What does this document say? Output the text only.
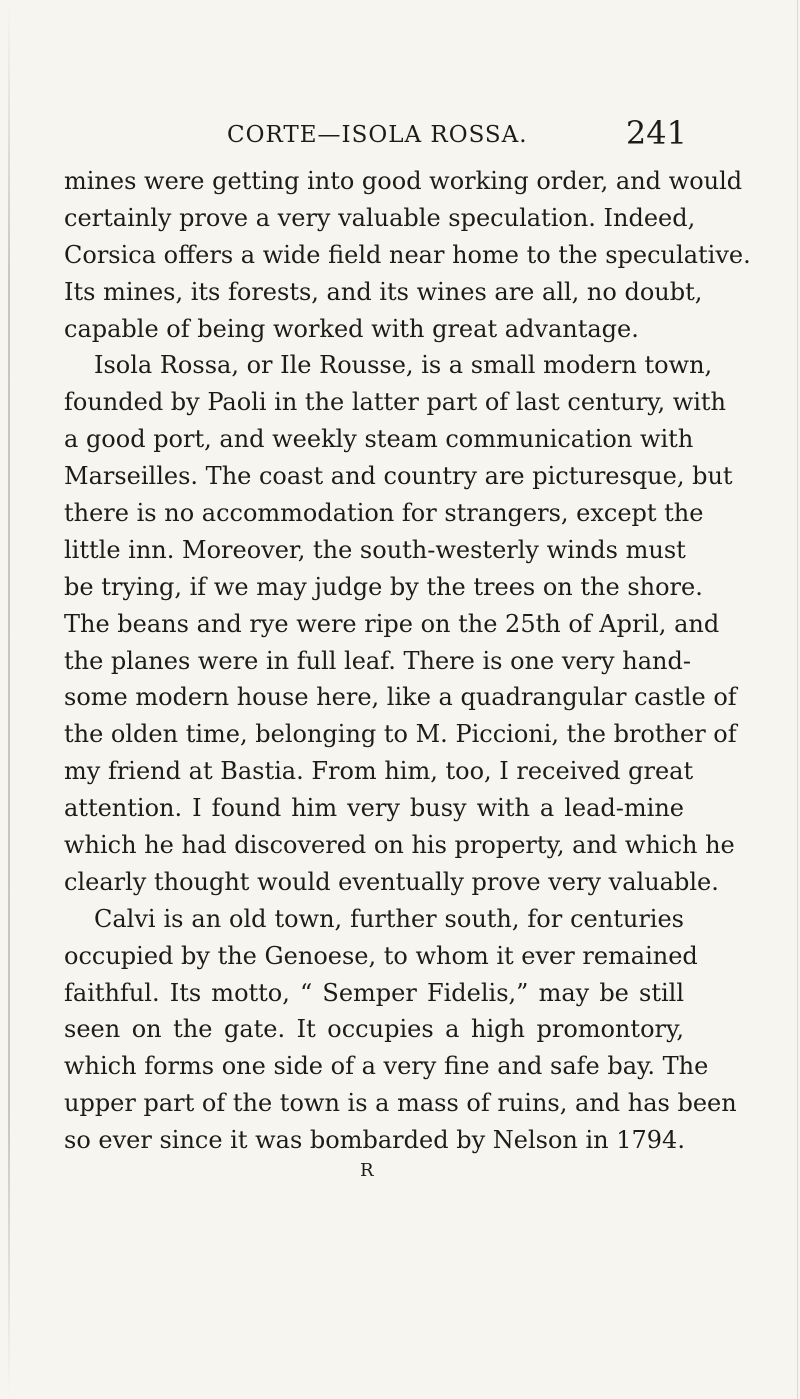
CORTE—ISOLA ROSSA.	241
mines were getting into good working order, and would
certainly prove a very valuable speculation. Indeed,
Corsica offers a wide field near home to the speculative.
Its mines, its forests, and its wines are all, no doubt,
capable of being worked with great advantage.
Isola Rossa, or Ile Rousse, is a small modern town,
founded by Paoli in the latter part of last century, with
a good port, and weekly steam communication with
Marseilles. The coast and country are picturesque, but
there is no accommodation for strangers, except the
little inn. Moreover, the south-westerly winds must
be trying, if we may judge by the trees on the shore.
The beans and rye were ripe on the 25th of April, and
the planes were in full leaf. There is one very hand-
some modern house here, like a quadrangular castle of
the olden time, belonging to M. Piccioni, the brother of
my friend at Bastia. From him, too, I received great
attention. I found him very busy with a lead-mine
which he had discovered on his property, and which he
clearly thought would eventually prove very valuable.
Calvi is an old town, further south, for centuries
occupied by the Genoese, to whom it ever remained
faithful. Its motto, “ Semper Fidelis,” may be still
seen on the gate. It occupies a high promontory,
which forms one side of a very fine and safe bay. The
upper part of the town is a mass of ruins, and has been
so ever since it was bombarded by Nelson in 1794.
R
